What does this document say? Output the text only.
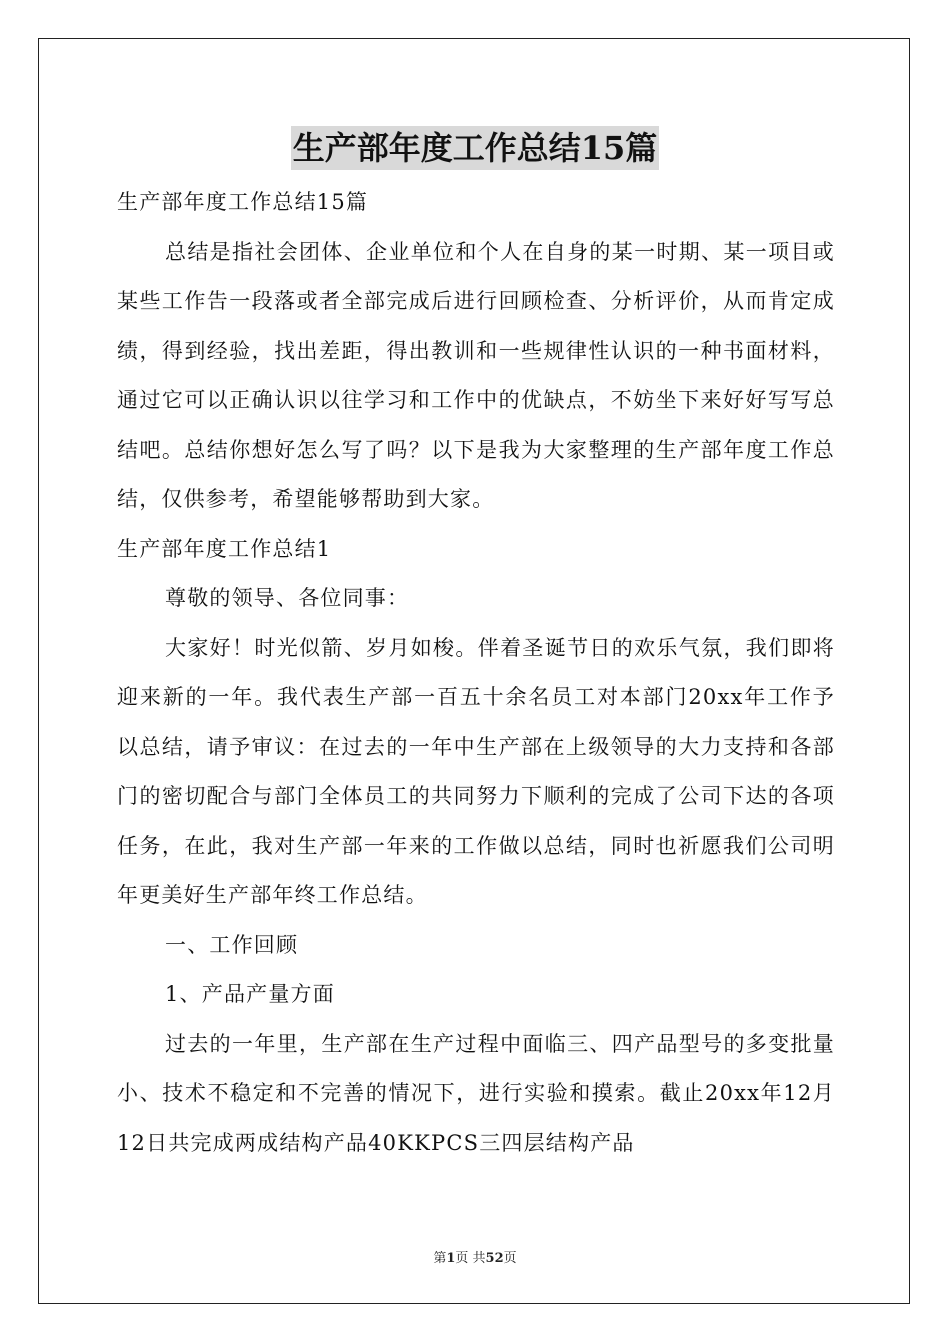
生产部年度工作总结15篇

生产部年度工作总结15篇

总结是指社会团体、企业单位和个人在自身的某一时期、某一项目或某些工作告一段落或者全部完成后进行回顾检查、分析评价，从而肯定成绩，得到经验，找出差距，得出教训和一些规律性认识的一种书面材料，通过它可以正确认识以往学习和工作中的优缺点，不妨坐下来好好写写总结吧。总结你想好怎么写了吗？以下是我为大家整理的生产部年度工作总结，仅供参考，希望能够帮助到大家。

生产部年度工作总结1

尊敬的领导、各位同事：

大家好！时光似箭、岁月如梭。伴着圣诞节日的欢乐气氛，我们即将迎来新的一年。我代表生产部一百五十余名员工对本部门20xx年工作予以总结，请予审议：在过去的一年中生产部在上级领导的大力支持和各部门的密切配合与部门全体员工的共同努力下顺利的完成了公司下达的各项任务，在此，我对生产部一年来的工作做以总结，同时也祈愿我们公司明年更美好生产部年终工作总结。

一、工作回顾

1、产品产量方面

过去的一年里，生产部在生产过程中面临三、四产品型号的多变批量小、技术不稳定和不完善的情况下，进行实验和摸索。截止20xx年12月12日共完成两成结构产品40KKPCS三四层结构产品

第1页 共52页
